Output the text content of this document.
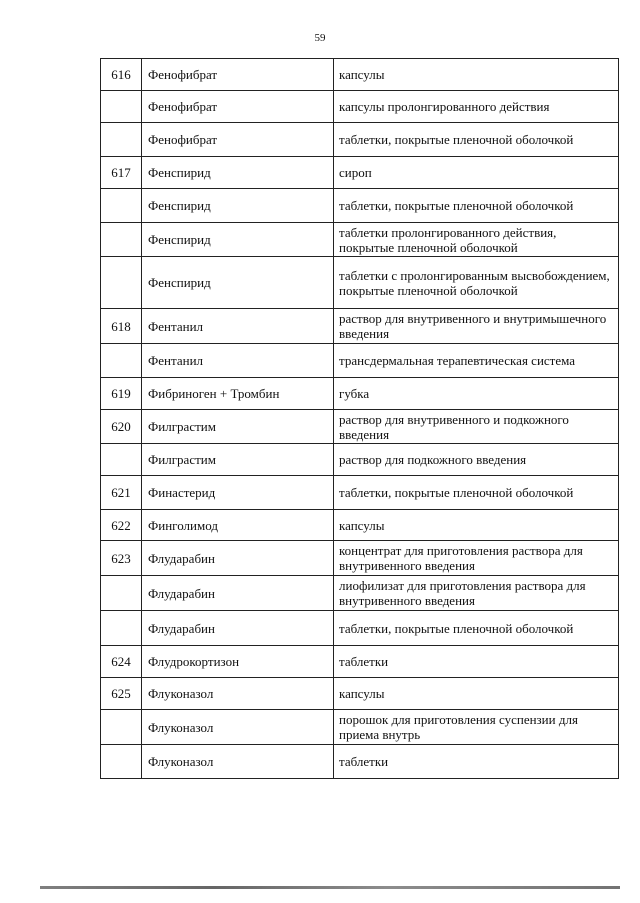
59
616	Фенофибрат	капсулы
	Фенофибрат	капсулы пролонгированного действия
	Фенофибрат	таблетки, покрытые пленочной оболочкой
617	Фенспирид	сироп
	Фенспирид	таблетки, покрытые пленочной оболочкой
	Фенспирид	таблетки пролонгированного действия, покрытые пленочной оболочкой
	Фенспирид	таблетки с пролонгированным высвобождением, покрытые пленочной оболочкой
618	Фентанил	раствор для внутривенного и внутримышечного введения
	Фентанил	трансдермальная терапевтическая система
619	Фибриноген + Тромбин	губка
620	Филграстим	раствор для внутривенного и подкожного введения
	Филграстим	раствор для подкожного введения
621	Финастерид	таблетки, покрытые пленочной оболочкой
622	Финголимод	капсулы
623	Флударабин	концентрат для приготовления раствора для внутривенного введения
	Флударабин	лиофилизат для приготовления раствора для внутривенного введения
	Флударабин	таблетки, покрытые пленочной оболочкой
624	Флудрокортизон	таблетки
625	Флуконазол	капсулы
	Флуконазол	порошок для приготовления суспензии для приема внутрь
	Флуконазол	таблетки
